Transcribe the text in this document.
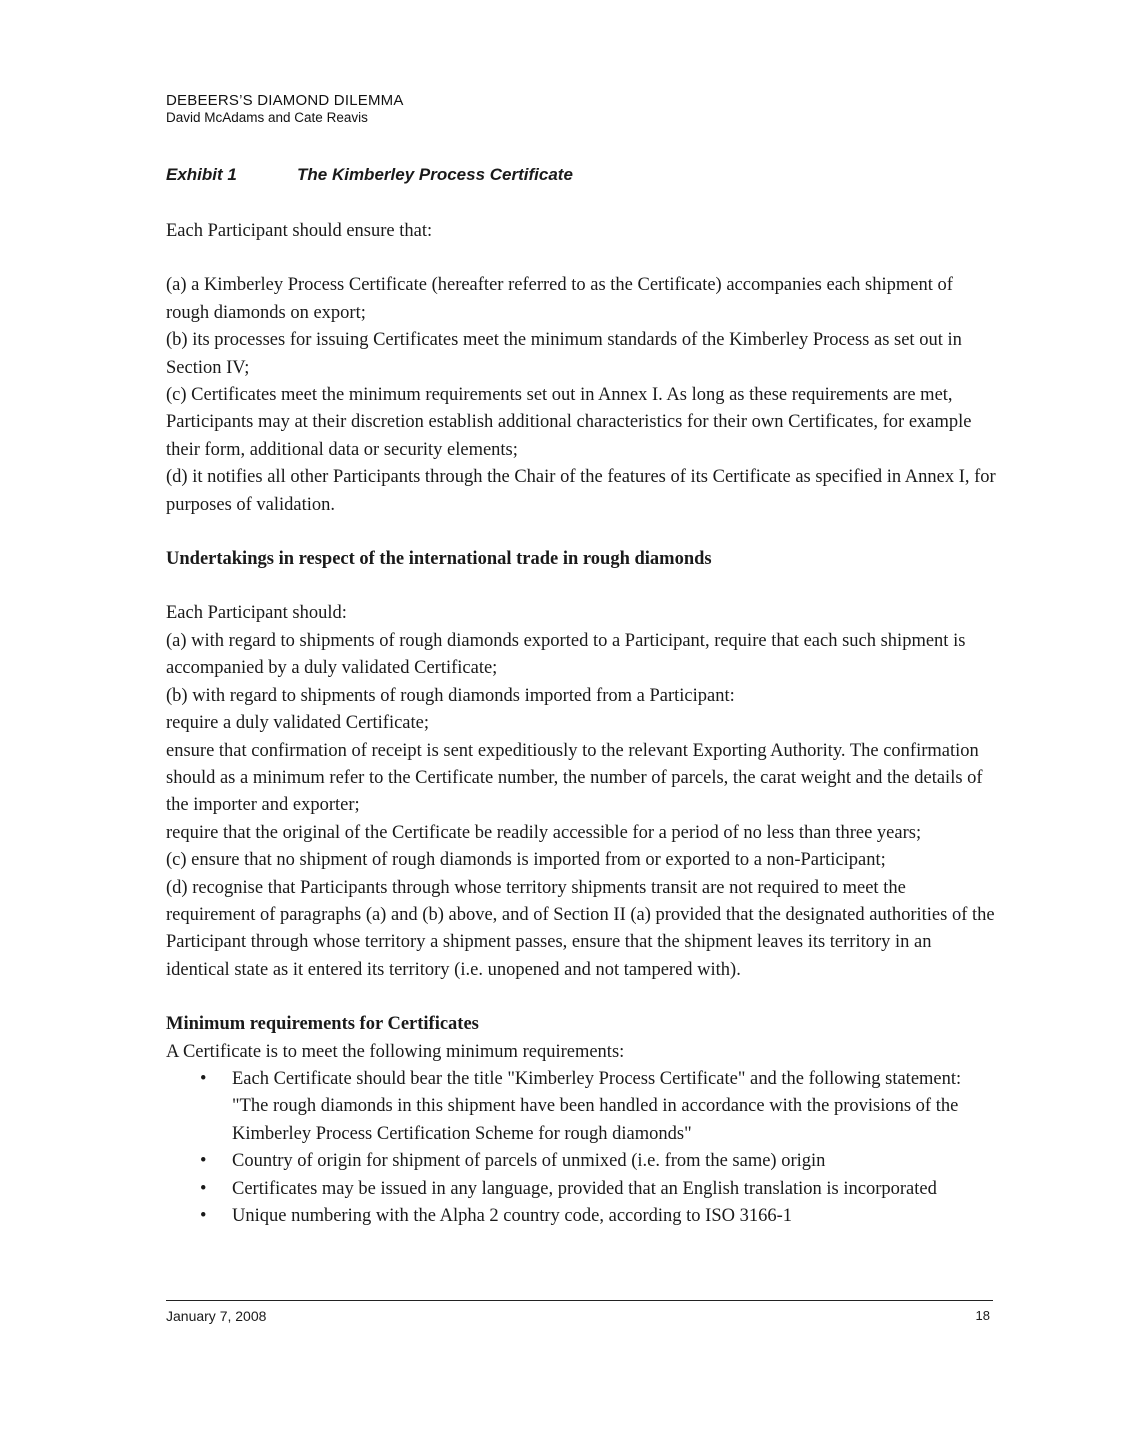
DEBEERS’S DIAMOND DILEMMA
David McAdams and Cate Reavis
Exhibit 1	The Kimberley Process Certificate

Each Participant should ensure that:

(a) a Kimberley Process Certificate (hereafter referred to as the Certificate) accompanies each shipment of rough diamonds on export;

(b) its processes for issuing Certificates meet the minimum standards of the Kimberley Process as set out in Section IV;

(c) Certificates meet the minimum requirements set out in Annex I. As long as these requirements are met, Participants may at their discretion establish additional characteristics for their own Certificates, for example their form, additional data or security elements;

(d) it notifies all other Participants through the Chair of the features of its Certificate as specified in Annex I, for purposes of validation.

Undertakings in respect of the international trade in rough diamonds

Each Participant should:

(a) with regard to shipments of rough diamonds exported to a Participant, require that each such shipment is accompanied by a duly validated Certificate;

(b) with regard to shipments of rough diamonds imported from a Participant:

require a duly validated Certificate;

ensure that confirmation of receipt is sent expeditiously to the relevant Exporting Authority. The confirmation should as a minimum refer to the Certificate number, the number of parcels, the carat weight and the details of the importer and exporter;

require that the original of the Certificate be readily accessible for a period of no less than three years;

(c) ensure that no shipment of rough diamonds is imported from or exported to a non-Participant;

(d) recognise that Participants through whose territory shipments transit are not required to meet the requirement of paragraphs (a) and (b) above, and of Section II (a) provided that the designated authorities of the Participant through whose territory a shipment passes, ensure that the shipment leaves its territory in an identical state as it entered its territory (i.e. unopened and not tampered with).

Minimum requirements for Certificates

A Certificate is to meet the following minimum requirements:

• Each Certificate should bear the title "Kimberley Process Certificate" and the following statement: "The rough diamonds in this shipment have been handled in accordance with the provisions of the Kimberley Process Certification Scheme for rough diamonds"
• Country of origin for shipment of parcels of unmixed (i.e. from the same) origin
• Certificates may be issued in any language, provided that an English translation is incorporated
• Unique numbering with the Alpha 2 country code, according to ISO 3166-1
January 7, 2008	18
